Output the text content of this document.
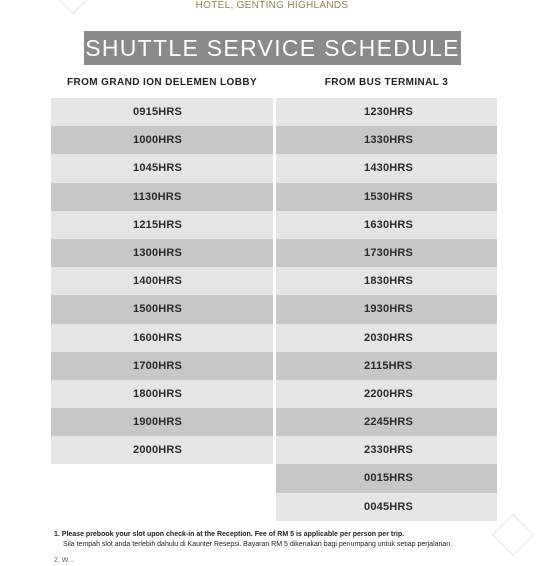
HOTEL, GENTING HIGHLANDS
SHUTTLE SERVICE SCHEDULE
FROM GRAND ION DELEMEN LOBBY	FROM BUS TERMINAL 3
0915HRS
1000HRS
1045HRS
1130HRS
1215HRS
1300HRS
1400HRS
1500HRS
1600HRS
1700HRS
1800HRS
1900HRS
2000HRS
1230HRS
1330HRS
1430HRS
1530HRS
1630HRS
1730HRS
1830HRS
1930HRS
2030HRS
2115HRS
2200HRS
2245HRS
2330HRS
0015HRS
0045HRS
1. Please prebook your slot upon check-in at the Reception. Fee of RM 5 is applicable per person per trip.
Sila tempah slot anda terlebih dahulu di Kaunter Resepsi. Bayaran RM 5 dikenakan bagi penumpang untuk setiap perjalanan.
2. W...
